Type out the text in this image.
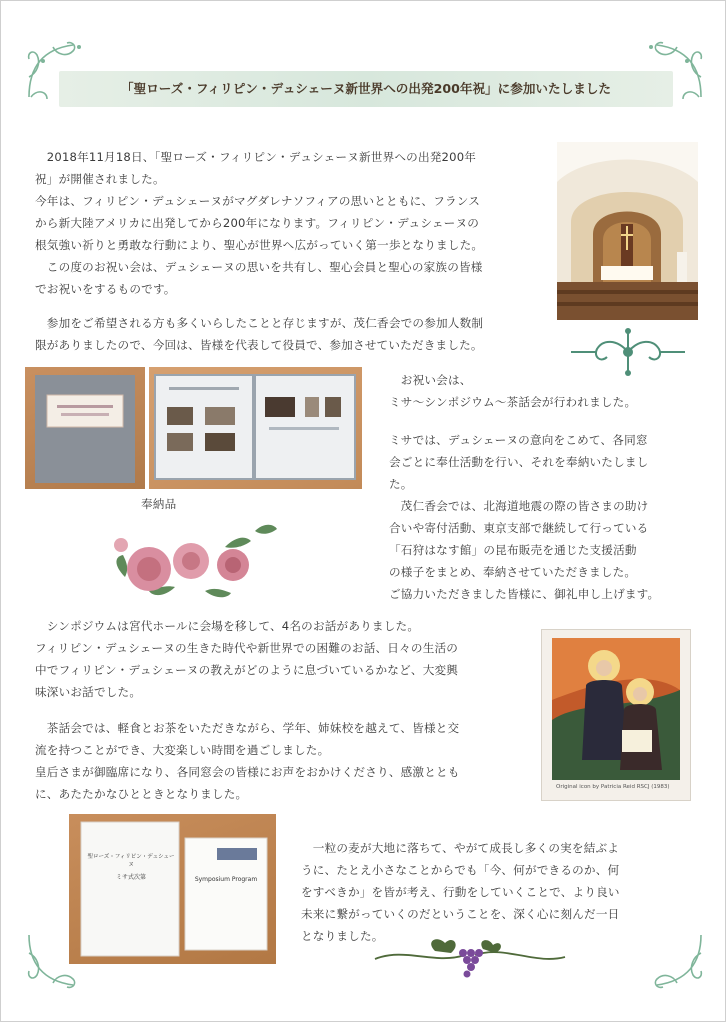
「聖ローズ・フィリピン・デュシェーヌ新世界への出発200年祝」に参加いたしました

　2018年11月18日、「聖ローズ・フィリピン・デュシェーヌ新世界への出発200年

祝」が開催されました。

今年は、フィリピン・デュシェーヌがマグダレナソフィアの思いとともに、フランス

から新大陸アメリカに出発してから200年になります。フィリピン・デュシェーヌの

根気強い祈りと勇敢な行動により、聖心が世界へ広がっていく第一歩となりました。

　この度のお祝い会は、デュシェーヌの思いを共有し、聖心会員と聖心の家族の皆様

でお祝いをするものです。

　参加をご希望される方も多くいらしたことと存じますが、茂仁香会での参加人数制

限がありましたので、今回は、皆様を代表して役員で、参加させていただきました。

奉納品

　お祝い会は、

ミサ～シンポジウム～茶話会が行われました。

ミサでは、デュシェーヌの意向をこめて、各同窓

会ごとに奉仕活動を行い、それを奉納いたしまし

た。

　茂仁香会では、北海道地震の際の皆さまの助け

合いや寄付活動、東京支部で継続して行っている

「石狩はなす館」の昆布販売を通じた支援活動

の様子をまとめ、奉納させていただきました。

ご協力いただきました皆様に、御礼申し上げます。

　シンポジウムは宮代ホールに会場を移して、4名のお話がありました。

フィリピン・デュシェーヌの生きた時代や新世界での困難のお話、日々の生活の

中でフィリピン・デュシェーヌの教えがどのように息づいているかなど、大変興

味深いお話でした。

Original icon by Patricia Reid RSCJ (1983)

　茶話会では、軽食とお茶をいただきながら、学年、姉妹校を越えて、皆様と交

流を持つことができ、大変楽しい時間を過ごしました。

皇后さまが御臨席になり、各同窓会の皆様にお声をおかけくださり、感激ととも

に、あたたかなひとときとなりました。

聖ローズ・フィリピン・デュシェーヌ
ミサ式次第	Symposium Program

　一粒の麦が大地に落ちて、やがて成長し多くの実を結ぶよ

うに、たとえ小さなことからでも「今、何ができるのか、何

をすべきか」を皆が考え、行動をしていくことで、より良い

未来に繋がっていくのだということを、深く心に刻んだ一日

となりました。
